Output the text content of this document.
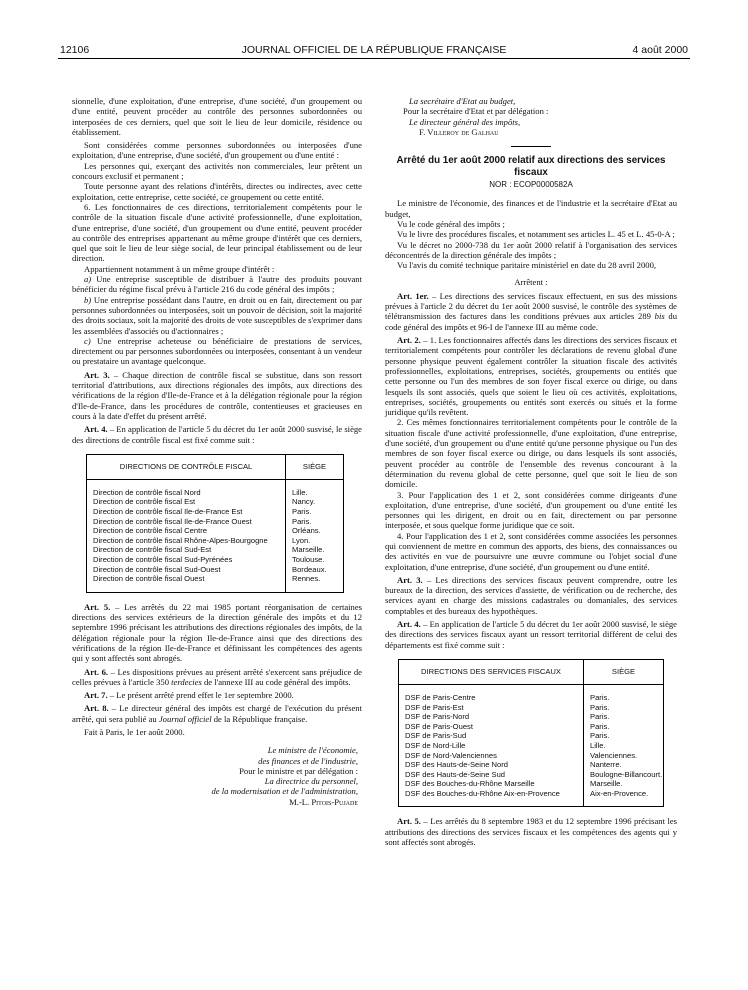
12106	JOURNAL OFFICIEL DE LA RÉPUBLIQUE FRANÇAISE	4 août 2000

sionnelle, d'une exploitation, d'une entreprise, d'une société, d'un groupement ou d'une entité, peuvent procéder au contrôle des personnes subordonnées ou interposées de ces derniers, quel que soit le lieu de leur domicile, résidence ou établissement.

Sont considérées comme personnes subordonnées ou interposées d'une exploitation, d'une entreprise, d'une société, d'un groupement ou d'une entité :

Les personnes qui, exerçant des activités non commerciales, leur prêtent un concours exclusif et permanent ;

Toute personne ayant des relations d'intérêts, directes ou indirectes, avec cette exploitation, cette entreprise, cette société, ce groupement ou cette entité.

6. Les fonctionnaires de ces directions, territorialement compétents pour le contrôle de la situation fiscale d'une activité professionnelle, d'une exploitation, d'une entreprise, d'une société, d'un groupement ou d'une entité, peuvent procéder au contrôle des entreprises appartenant au même groupe d'intérêt que ces derniers, quel que soit le lieu de leur siège social, de leur principal établissement ou de leur direction.

Appartiennent notamment à un même groupe d'intérêt :

a) Une entreprise susceptible de distribuer à l'autre des produits pouvant bénéficier du régime fiscal prévu à l'article 216 du code général des impôts ;

b) Une entreprise possédant dans l'autre, en droit ou en fait, directement ou par personnes subordonnées ou interposées, soit un pouvoir de décision, soit la majorité des droits sociaux, soit la majorité des droits de vote susceptibles de s'exprimer dans les assemblées d'associés ou d'actionnaires ;

c) Une entreprise acheteuse ou bénéficiaire de prestations de services, directement ou par personnes subordonnées ou interposées, consentant à un vendeur ou prestataire un avantage quelconque.

Art. 3. – Chaque direction de contrôle fiscal se substitue, dans son ressort territorial d'attributions, aux directions régionales des impôts, aux directions des vérifications de la région d'Ile-de-France et à la délégation régionale pour la région d'Ile-de-France, dans les procédures de contrôle, contentieuses et gracieuses en cours à la date d'effet du présent arrêté.

Art. 4. – En application de l'article 5 du décret du 1er août 2000 susvisé, le siège des directions de contrôle fiscal est fixé comme suit :

DIRECTIONS DE CONTRÔLE FISCAL	SIÈGE
Direction de contrôle fiscal Nord	Lille.
Direction de contrôle fiscal Est	Nancy.
Direction de contrôle fiscal Ile-de-France Est	Paris.
Direction de contrôle fiscal Ile-de-France Ouest	Paris.
Direction de contrôle fiscal Centre	Orléans.
Direction de contrôle fiscal Rhône-Alpes-Bourgogne	Lyon.
Direction de contrôle fiscal Sud-Est	Marseille.
Direction de contrôle fiscal Sud-Pyrénées	Toulouse.
Direction de contrôle fiscal Sud-Ouest	Bordeaux.
Direction de contrôle fiscal Ouest	Rennes.

Art. 5. – Les arrêtés du 22 mai 1985 portant réorganisation de certaines directions des services extérieurs de la direction générale des impôts et du 12 septembre 1996 précisant les attributions des directions régionales des impôts, de la délégation régionale pour la région Ile-de-France ainsi que des directions des vérifications de la région Ile-de-France et définissant les compétences des agents qui y sont affectés sont abrogés.

Art. 6. – Les dispositions prévues au présent arrêté s'exercent sans préjudice de celles prévues à l'article 350 terdecies de l'annexe III au code général des impôts.

Art. 7. – Le présent arrêté prend effet le 1er septembre 2000.

Art. 8. – Le directeur général des impôts est chargé de l'exécution du présent arrêté, qui sera publié au Journal officiel de la République française.

Fait à Paris, le 1er août 2000.

Le ministre de l'économie,

des finances et de l'industrie,

Pour le ministre et par délégation :

La directrice du personnel,

de la modernisation et de l'administration,

M.-L. Pitois-Pujade

La secrétaire d'Etat au budget,

Pour la secrétaire d'Etat et par délégation :

Le directeur général des impôts,

F. Villeroy de Galhau

Arrêté du 1er août 2000 relatif aux directions des services fiscaux

NOR : ECOP0000582A

Le ministre de l'économie, des finances et de l'industrie et la secrétaire d'Etat au budget,

Vu le code général des impôts ;

Vu le livre des procédures fiscales, et notamment ses articles L. 45 et L. 45-0-A ;

Vu le décret no 2000-738 du 1er août 2000 relatif à l'organisation des services déconcentrés de la direction générale des impôts ;

Vu l'avis du comité technique paritaire ministériel en date du 28 avril 2000,

Arrêtent :

Art. 1er. – Les directions des services fiscaux effectuent, en sus des missions prévues à l'article 2 du décret du 1er août 2000 susvisé, le contrôle des systèmes de télétransmission des factures dans les conditions prévues aux articles 289 bis du code général des impôts et 96-I de l'annexe III au même code.

Art. 2. – 1. Les fonctionnaires affectés dans les directions des services fiscaux et territorialement compétents pour contrôler les déclarations de revenu global d'une personne physique peuvent également contrôler la situation fiscale des activités professionnelles, exploitations, entreprises, sociétés, groupements ou entités que cette personne ou l'un des membres de son foyer fiscal exerce ou dirige, ou dans lesquels ils sont associés, quels que soient le lieu où ces activités, exploitations, entreprises, sociétés, groupements ou entités sont exercés ou situés et la forme juridique qu'ils revêtent.

2. Ces mêmes fonctionnaires territorialement compétents pour le contrôle de la situation fiscale d'une activité professionnelle, d'une exploitation, d'une entreprise, d'une société, d'un groupement ou d'une entité qu'une personne physique ou l'un des membres de son foyer fiscal exerce ou dirige, ou dans lesquels ils sont associés, peuvent procéder au contrôle de l'ensemble des revenus concourant à la détermination du revenu global de cette personne, quel que soit le lieu de son domicile.

3. Pour l'application des 1 et 2, sont considérées comme dirigeants d'une exploitation, d'une entreprise, d'une société, d'un groupement ou d'une entité les personnes qui les dirigent, en droit ou en fait, directement ou par personne interposée, et sous quelque forme juridique que ce soit.

4. Pour l'application des 1 et 2, sont considérées comme associées les personnes qui conviennent de mettre en commun des apports, des biens, des connaissances ou des activités en vue de poursuivre une œuvre commune ou l'objet social d'une exploitation, d'une entreprise, d'une société, d'un groupement ou d'une entité.

Art. 3. – Les directions des services fiscaux peuvent comprendre, outre les bureaux de la direction, des services d'assiette, de vérification ou de recherche, des services ayant en charge des missions cadastrales ou domaniales, des services comptables et des bureaux des hypothèques.

Art. 4. – En application de l'article 5 du décret du 1er août 2000 susvisé, le siège des directions des services fiscaux ayant un ressort territorial différent de celui des départements est fixé comme suit :

DIRECTIONS DES SERVICES FISCAUX	SIÈGE
DSF de Paris-Centre	Paris.
DSF de Paris-Est	Paris.
DSF de Paris-Nord	Paris.
DSF de Paris-Ouest	Paris.
DSF de Paris-Sud	Paris.
DSF de Nord-Lille	Lille.
DSF de Nord-Valenciennes	Valenciennes.
DSF des Hauts-de-Seine Nord	Nanterre.
DSF des Hauts-de-Seine Sud	Boulogne-Billancourt.
DSF des Bouches-du-Rhône Marseille	Marseille.
DSF des Bouches-du-Rhône Aix-en-Provence	Aix-en-Provence.

Art. 5. – Les arrêtés du 8 septembre 1983 et du 12 septembre 1996 précisant les attributions des directions des services fiscaux et les compétences des agents qui y sont affectés sont abrogés.
